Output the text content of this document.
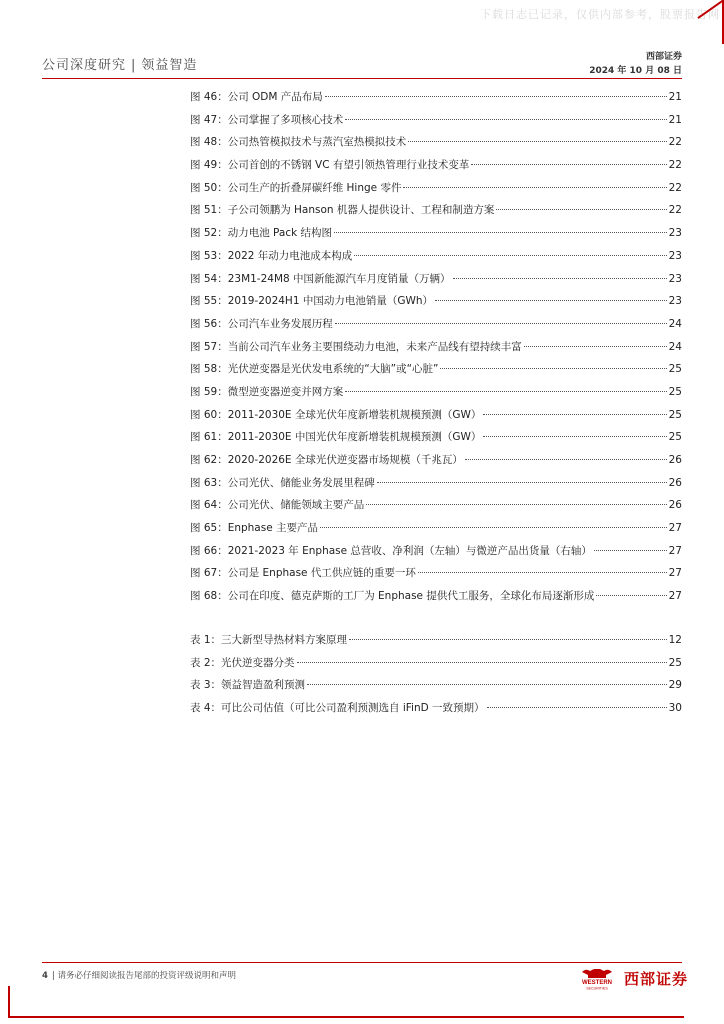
下载日志已记录，仅供内部参考，股票报告网
公司深度研究 | 领益智造
西部证券
2024 年 10 月 08 日
图 46： 公司 ODM 产品布局	21
图 47： 公司掌握了多项核心技术	21
图 48： 公司热管模拟技术与蒸汽室热模拟技术	22
图 49： 公司首创的不锈钢 VC 有望引领热管理行业技术变革	22
图 50： 公司生产的折叠屏碳纤维 Hinge 零件	22
图 51： 子公司领鹏为 Hanson 机器人提供设计、工程和制造方案	22
图 52： 动力电池 Pack 结构图	23
图 53： 2022 年动力电池成本构成	23
图 54： 23M1-24M8 中国新能源汽车月度销量（万辆）	23
图 55： 2019-2024H1 中国动力电池销量（GWh）	23
图 56： 公司汽车业务发展历程	24
图 57： 当前公司汽车业务主要围绕动力电池，未来产品线有望持续丰富	24
图 58： 光伏逆变器是光伏发电系统的“大脑”或“心脏”	25
图 59： 微型逆变器逆变并网方案	25
图 60： 2011-2030E 全球光伏年度新增装机规模预测（GW）	25
图 61： 2011-2030E 中国光伏年度新增装机规模预测（GW）	25
图 62： 2020-2026E 全球光伏逆变器市场规模（千兆瓦）	26
图 63： 公司光伏、储能业务发展里程碑	26
图 64： 公司光伏、储能领域主要产品	26
图 65： Enphase 主要产品	27
图 66： 2021-2023 年 Enphase 总营收、净利润（左轴）与微逆产品出货量（右轴）	27
图 67： 公司是 Enphase 代工供应链的重要一环	27
图 68： 公司在印度、德克萨斯的工厂为 Enphase 提供代工服务，全球化布局逐渐形成	27
表 1： 三大新型导热材料方案原理	12
表 2： 光伏逆变器分类	25
表 3： 领益智造盈利预测	29
表 4： 可比公司估值（可比公司盈利预测选自 iFinD 一致预期）	30
4 | 请务必仔细阅读报告尾部的投资评级说明和声明
WESTERN
SECURITIES
西部证券
